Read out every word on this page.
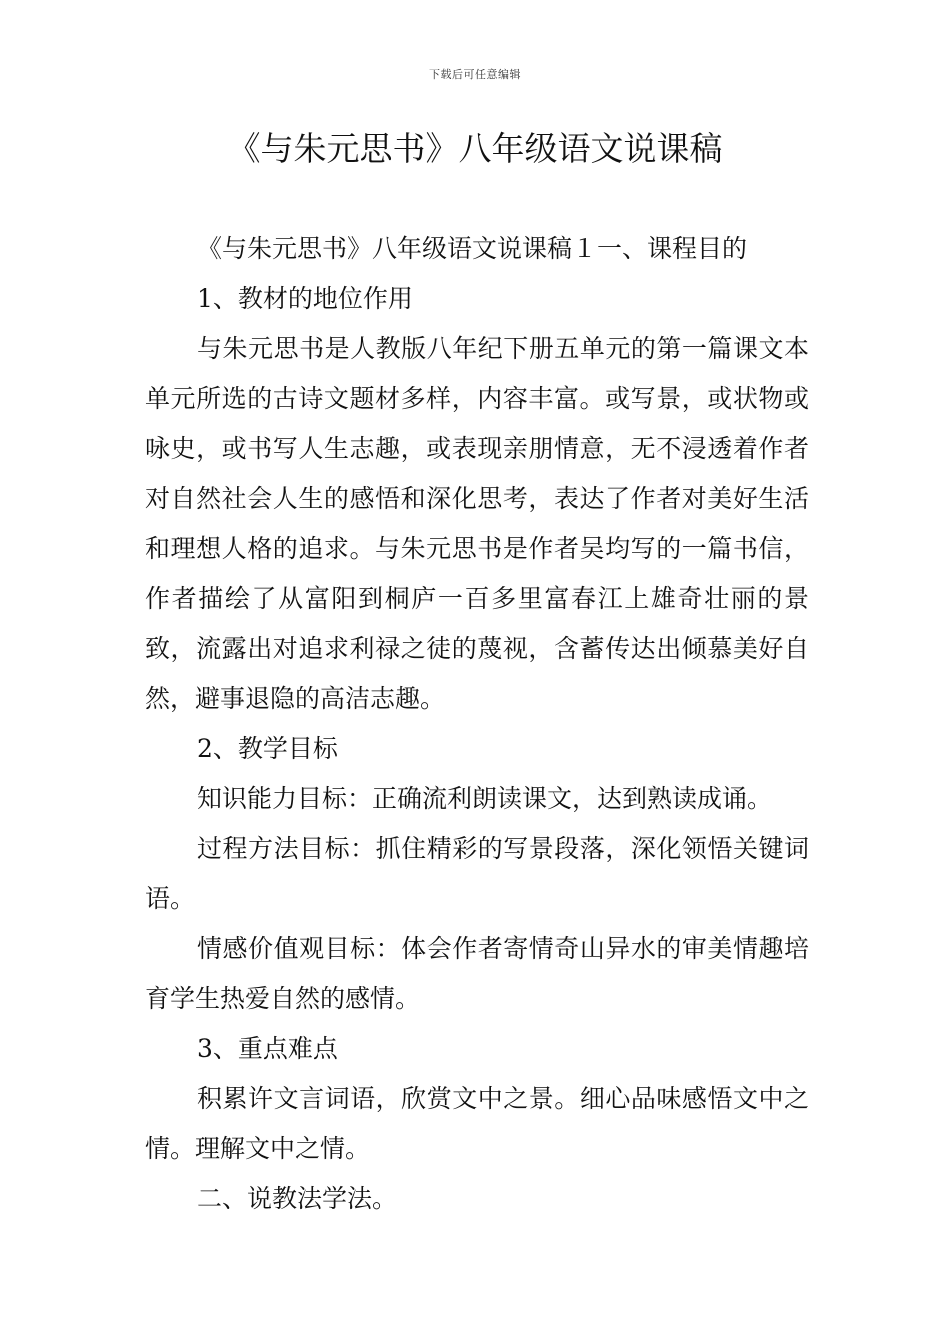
下载后可任意编辑
《与朱元思书》八年级语文说课稿

《与朱元思书》八年级语文说课稿１一、课程目的

1、教材的地位作用

与朱元思书是人教版八年纪下册五单元的第一篇课文本单元所选的古诗文题材多样，内容丰富。或写景，或状物或咏史，或书写人生志趣，或表现亲朋情意，无不浸透着作者对自然社会人生的感悟和深化思考，表达了作者对美好生活和理想人格的追求。与朱元思书是作者吴均写的一篇书信，作者描绘了从富阳到桐庐一百多里富春江上雄奇壮丽的景致，流露出对追求利禄之徒的蔑视，含蓄传达出倾慕美好自然，避事退隐的高洁志趣。

2、教学目标

知识能力目标：正确流利朗读课文，达到熟读成诵。

过程方法目标：抓住精彩的写景段落，深化领悟关键词语。

情感价值观目标：体会作者寄情奇山异水的审美情趣培育学生热爱自然的感情。

3、重点难点

积累许文言词语，欣赏文中之景。细心品味感悟文中之情。理解文中之情。

二、说教法学法。
